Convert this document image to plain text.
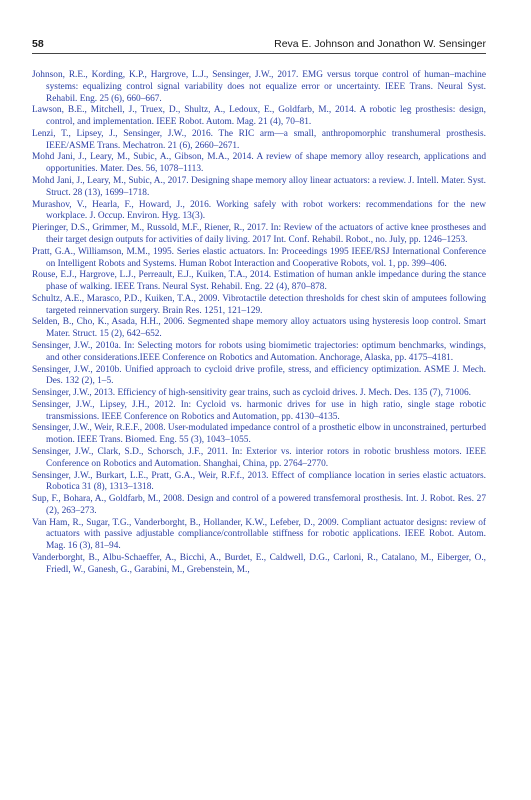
58	Reva E. Johnson and Jonathon W. Sensinger

Johnson, R.E., Kording, K.P., Hargrove, L.J., Sensinger, J.W., 2017. EMG versus torque control of human–machine systems: equalizing control signal variability does not equalize error or uncertainty. IEEE Trans. Neural Syst. Rehabil. Eng. 25 (6), 660–667.

Lawson, B.E., Mitchell, J., Truex, D., Shultz, A., Ledoux, E., Goldfarb, M., 2014. A robotic leg prosthesis: design, control, and implementation. IEEE Robot. Autom. Mag. 21 (4), 70–81.

Lenzi, T., Lipsey, J., Sensinger, J.W., 2016. The RIC arm—a small, anthropomorphic transhumeral prosthesis. IEEE/ASME Trans. Mechatron. 21 (6), 2660–2671.

Mohd Jani, J., Leary, M., Subic, A., Gibson, M.A., 2014. A review of shape memory alloy research, applications and opportunities. Mater. Des. 56, 1078–1113.

Mohd Jani, J., Leary, M., Subic, A., 2017. Designing shape memory alloy linear actuators: a review. J. Intell. Mater. Syst. Struct. 28 (13), 1699–1718.

Murashov, V., Hearla, F., Howard, J., 2016. Working safely with robot workers: recommendations for the new workplace. J. Occup. Environ. Hyg. 13(3).

Pieringer, D.S., Grimmer, M., Russold, M.F., Riener, R., 2017. In: Review of the actuators of active knee prostheses and their target design outputs for activities of daily living. 2017 Int. Conf. Rehabil. Robot., no. July, pp. 1246–1253.

Pratt, G.A., Williamson, M.M., 1995. Series elastic actuators. In: Proceedings 1995 IEEE/RSJ International Conference on Intelligent Robots and Systems. Human Robot Interaction and Cooperative Robots, vol. 1, pp. 399–406.

Rouse, E.J., Hargrove, L.J., Perreault, E.J., Kuiken, T.A., 2014. Estimation of human ankle impedance during the stance phase of walking. IEEE Trans. Neural Syst. Rehabil. Eng. 22 (4), 870–878.

Schultz, A.E., Marasco, P.D., Kuiken, T.A., 2009. Vibrotactile detection thresholds for chest skin of amputees following targeted reinnervation surgery. Brain Res. 1251, 121–129.

Selden, B., Cho, K., Asada, H.H., 2006. Segmented shape memory alloy actuators using hysteresis loop control. Smart Mater. Struct. 15 (2), 642–652.

Sensinger, J.W., 2010a. In: Selecting motors for robots using biomimetic trajectories: optimum benchmarks, windings, and other considerations.IEEE Conference on Robotics and Automation. Anchorage, Alaska, pp. 4175–4181.

Sensinger, J.W., 2010b. Unified approach to cycloid drive profile, stress, and efficiency optimization. ASME J. Mech. Des. 132 (2), 1–5.

Sensinger, J.W., 2013. Efficiency of high-sensitivity gear trains, such as cycloid drives. J. Mech. Des. 135 (7), 71006.

Sensinger, J.W., Lipsey, J.H., 2012. In: Cycloid vs. harmonic drives for use in high ratio, single stage robotic transmissions. IEEE Conference on Robotics and Automation, pp. 4130–4135.

Sensinger, J.W., Weir, R.E.F., 2008. User-modulated impedance control of a prosthetic elbow in unconstrained, perturbed motion. IEEE Trans. Biomed. Eng. 55 (3), 1043–1055.

Sensinger, J.W., Clark, S.D., Schorsch, J.F., 2011. In: Exterior vs. interior rotors in robotic brushless motors. IEEE Conference on Robotics and Automation. Shanghai, China, pp. 2764–2770.

Sensinger, J.W., Burkart, L.E., Pratt, G.A., Weir, R.F.f., 2013. Effect of compliance location in series elastic actuators. Robotica 31 (8), 1313–1318.

Sup, F., Bohara, A., Goldfarb, M., 2008. Design and control of a powered transfemoral prosthesis. Int. J. Robot. Res. 27 (2), 263–273.

Van Ham, R., Sugar, T.G., Vanderborght, B., Hollander, K.W., Lefeber, D., 2009. Compliant actuator designs: review of actuators with passive adjustable compliance/controllable stiffness for robotic applications. IEEE Robot. Autom. Mag. 16 (3), 81–94.

Vanderborght, B., Albu-Schaeffer, A., Bicchi, A., Burdet, E., Caldwell, D.G., Carloni, R., Catalano, M., Eiberger, O., Friedl, W., Ganesh, G., Garabini, M., Grebenstein, M.,
